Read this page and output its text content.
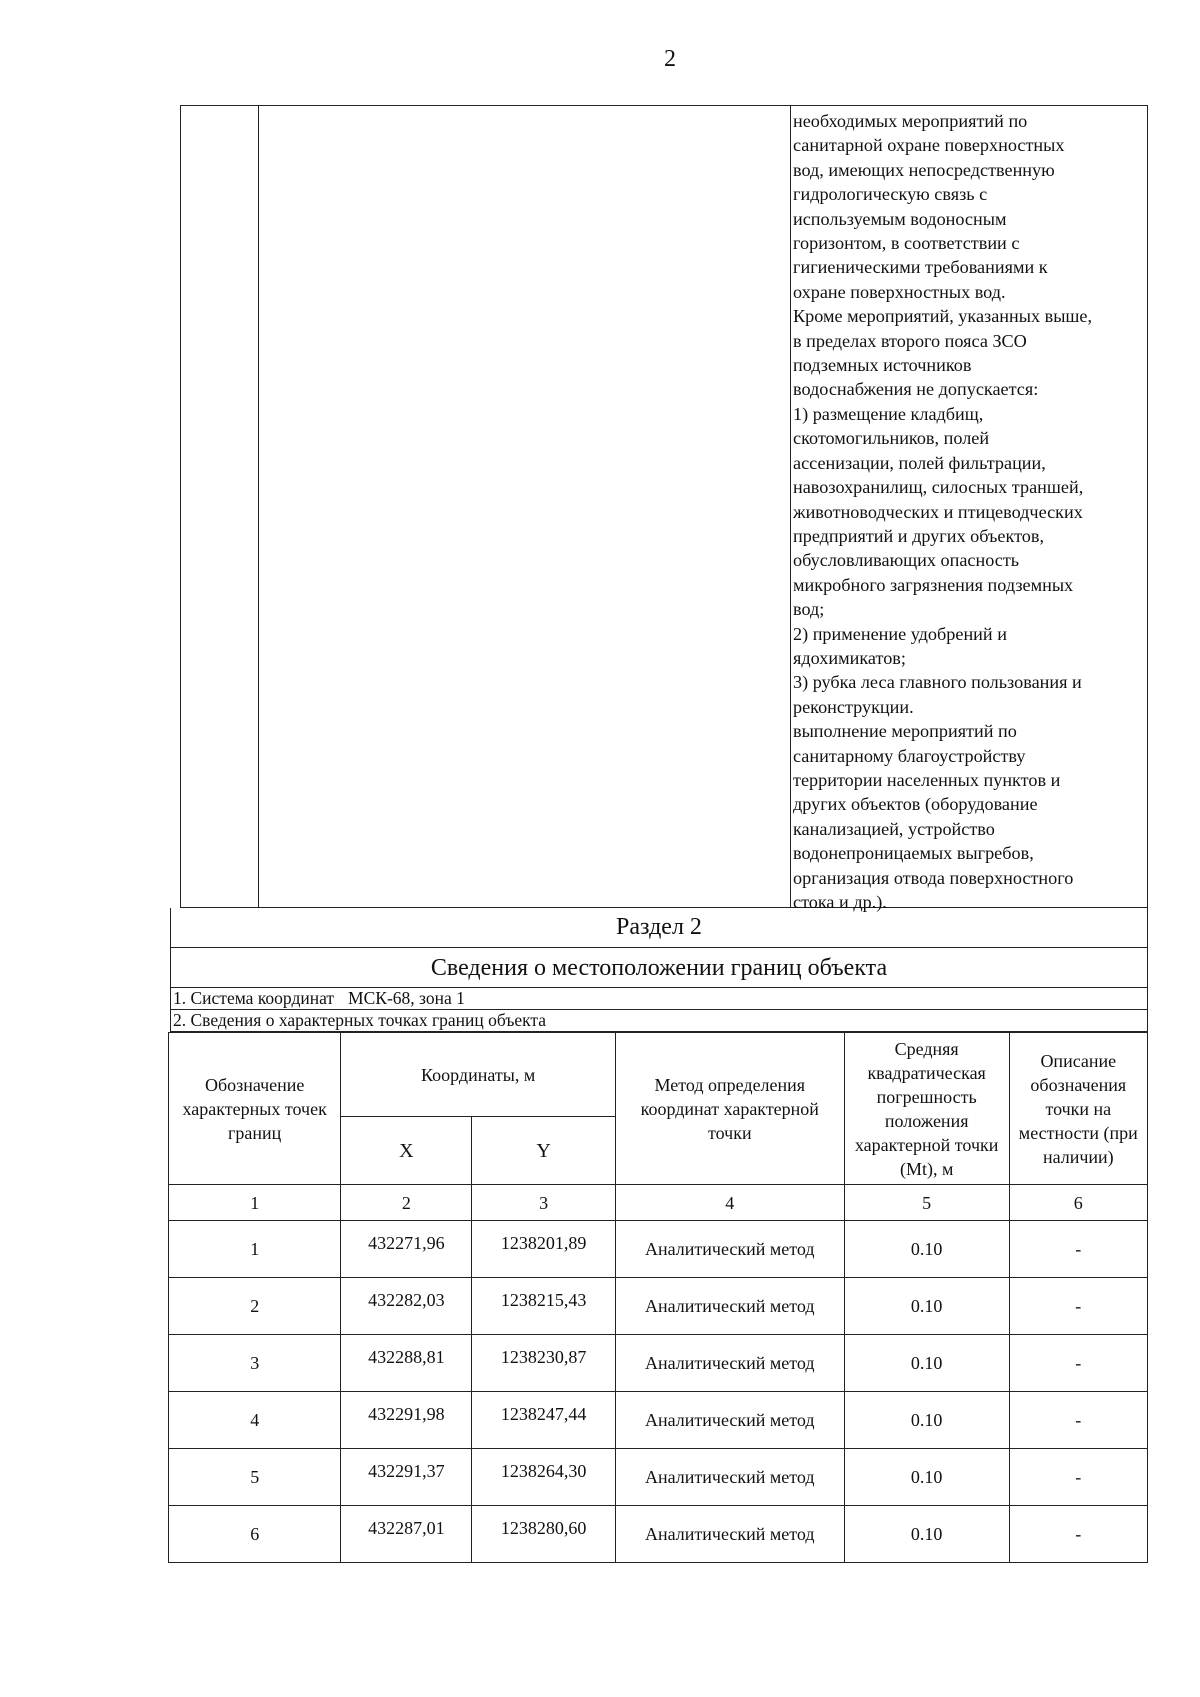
2

необходимых мероприятий по

санитарной охране поверхностных

вод, имеющих непосредственную

гидрологическую связь с

используемым водоносным

горизонтом, в соответствии с

гигиеническими требованиями к

охране поверхностных вод.

Кроме мероприятий, указанных выше,

в пределах второго пояса ЗСО

подземных источников

водоснабжения не допускается:

1) размещение кладбищ,

скотомогильников, полей

ассенизации, полей фильтрации,

навозохранилищ, силосных траншей,

животноводческих и птицеводческих

предприятий и других объектов,

обусловливающих опасность

микробного загрязнения подземных

вод;

2) применение удобрений и

ядохимикатов;

3) рубка леса главного пользования и

реконструкции.

выполнение мероприятий по

санитарному благоустройству

территории населенных пунктов и

других объектов (оборудование

канализацией, устройство

водонепроницаемых выгребов,

организация отвода поверхностного

стока и др.).

Раздел 2
Сведения о местоположении границ объекта
1. Система координат МСК-68, зона 1
2. Сведения о характерных точках границ объекта
Обозначение характерных точек границ	Координаты, м		Метод определения координат характерной точки	Средняя квадратическая погрешность положения характерной точки (Mt), м	Описание обозначения точки на местности (при наличии)
	X	Y			
1	2	3	4	5	6
1	432271,96	1238201,89	Аналитический метод	0.10	-
2	432282,03	1238215,43	Аналитический метод	0.10	-
3	432288,81	1238230,87	Аналитический метод	0.10	-
4	432291,98	1238247,44	Аналитический метод	0.10	-
5	432291,37	1238264,30	Аналитический метод	0.10	-
6	432287,01	1238280,60	Аналитический метод	0.10	-
